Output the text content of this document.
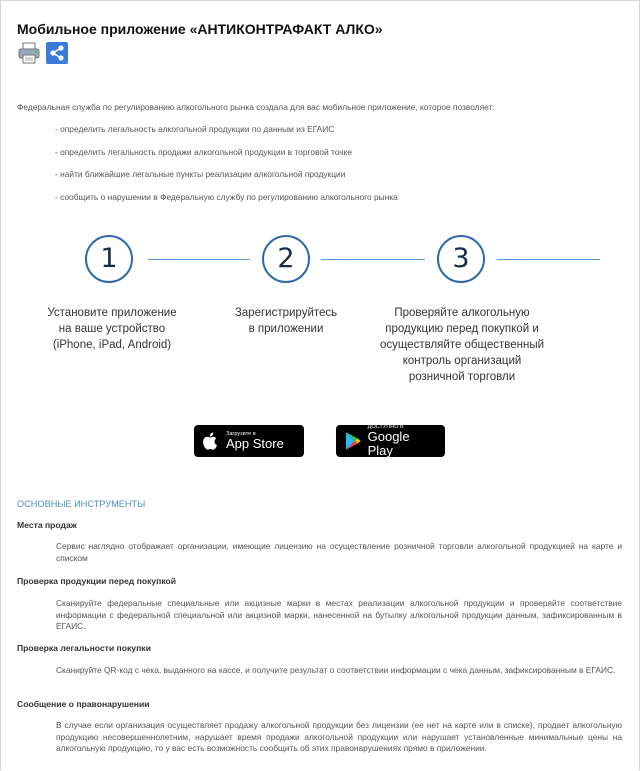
Мобильное приложение «АНТИКОНТРАФАКТ АЛКО»
Федеральная служба по регулированию алкогольного рынка создала для вас мобильное приложение, которое позволяет:
- определить легальность алкогольной продукции по данным из ЕГАИС
- определить легальность продажи алкогольной продукции в торговой точке
- найти ближайшие легальные пункты реализации алкогольной продукции
- сообщить о нарушении в Федеральную службу по регулированию алкогольного рынка
1	2	3
Установите приложение
на ваше устройство
(iPhone, iPad, Android)
Зарегистрируйтесь
в приложении
Проверяйте алкогольную
продукцию перед покупкой и
осуществляйте общественный
контроль организаций
розничной торговли
Загрузите в
App Store
ДОСТУПНО В
Google Play
ОСНОВНЫЕ ИНСТРУМЕНТЫ
Места продаж
Сервис наглядно отображает организации, имеющие лицензию на осуществление розничной торговли алкогольной продукцией на карте и списком
Проверка продукции перед покупкой
Сканируйте федеральные специальные или акцизные марки в местах реализации алкогольной продукции и проверяйте соответствие информации с федеральной специальной или акцизной марки, нанесенной на бутылку алкогольной продукции данным, зафиксированным в ЕГАИС.
Проверка легальности покупки
Сканируйте QR-код с чека, выданного на кассе, и получите результат о соответствии информации с чека данным, зафиксированным в ЕГАИС.
Сообщение о правонарушении
В случае если организация осуществляет продажу алкогольной продукции без лицензии (ее нет на карте или в списке), продает алкогольную продукцию несовершеннолетним, нарушает время продажи алкогольной продукции или нарушает установленные минимальные цены на алкогольную продукцию, то у вас есть возможность сообщить об этих правонарушениях прямо в приложении.
